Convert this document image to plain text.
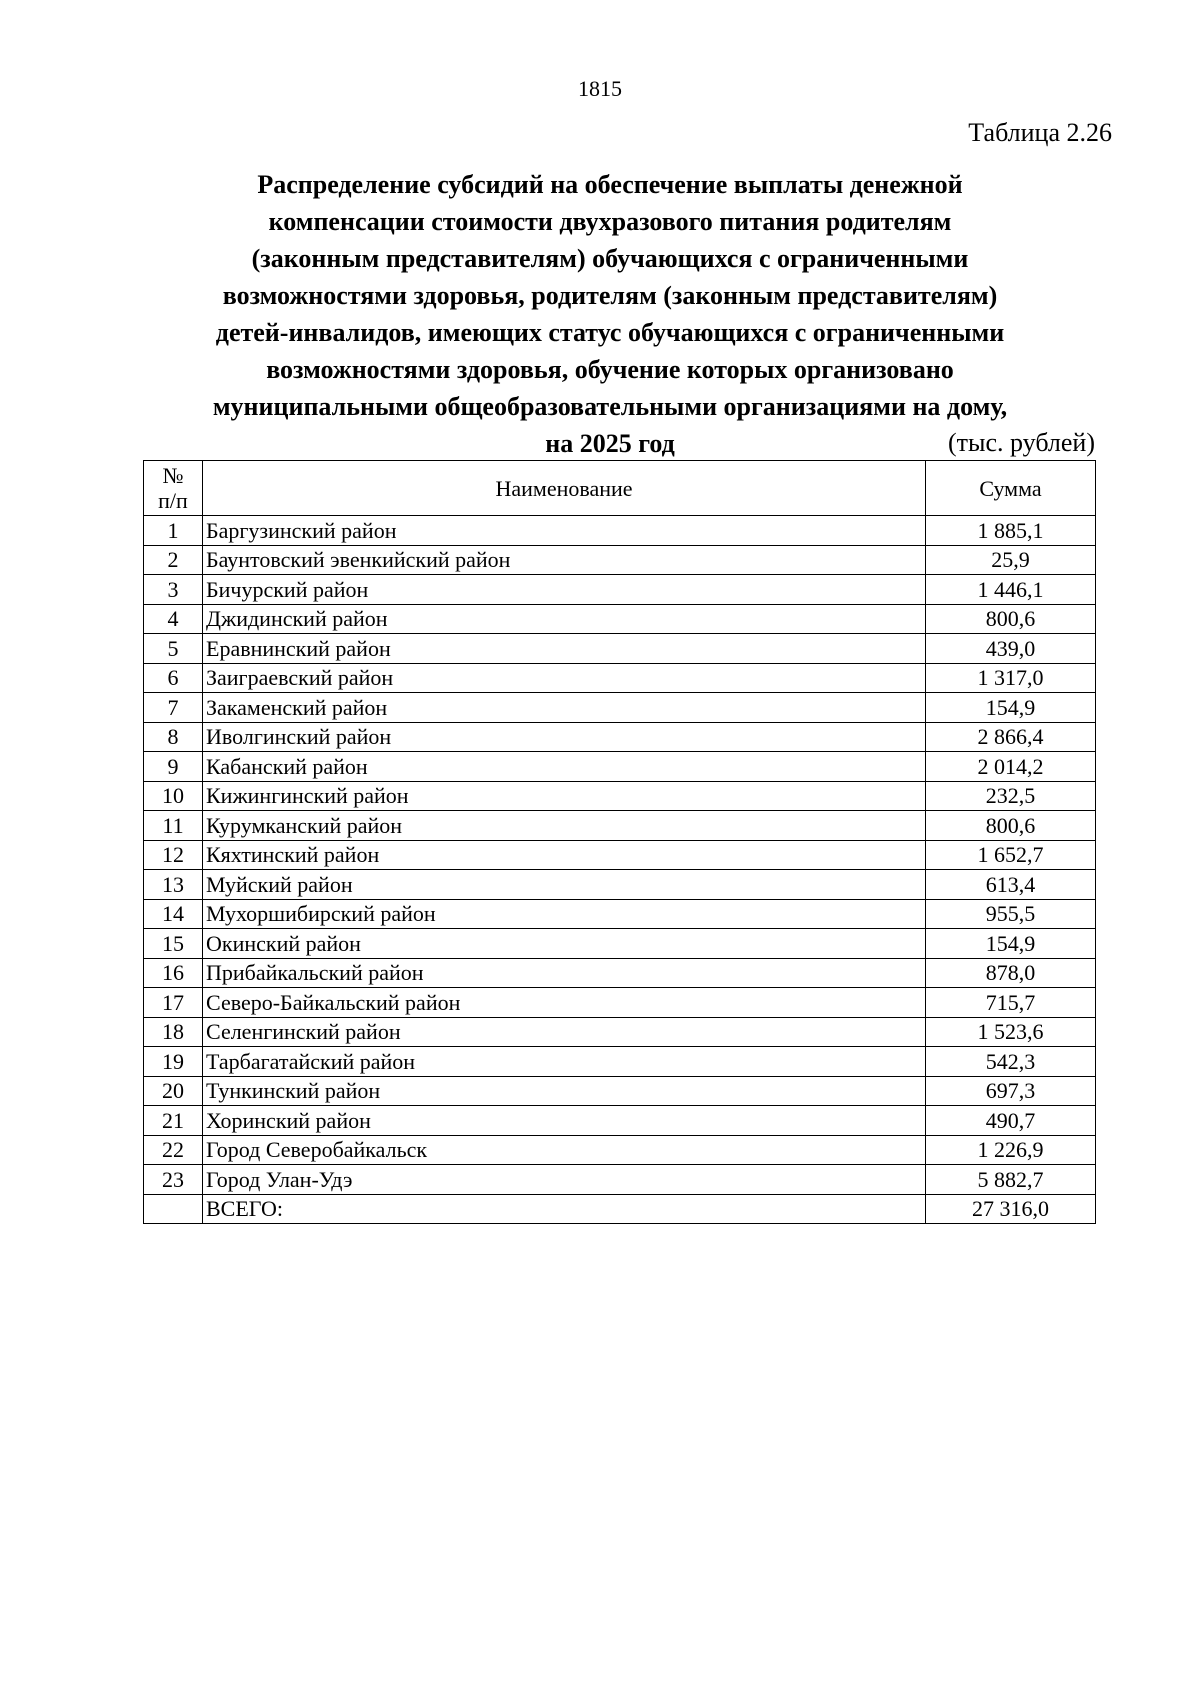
1815
Таблица 2.26
Распределение субсидий на обеспечение выплаты денежной
компенсации стоимости двухразового питания родителям
(законным представителям) обучающихся с ограниченными
возможностями здоровья, родителям (законным представителям)
детей-инвалидов, имеющих статус обучающихся с ограниченными
возможностями здоровья, обучение которых организовано
муниципальными общеобразовательными организациями на дому,
на 2025 год	(тыс. рублей)
№
п/п	Наименование	Сумма
1	Баргузинский район	1 885,1
2	Баунтовский эвенкийский район	25,9
3	Бичурский район	1 446,1
4	Джидинский район	800,6
5	Еравнинский район	439,0
6	Заиграевский район	1 317,0
7	Закаменский район	154,9
8	Иволгинский район	2 866,4
9	Кабанский район	2 014,2
10	Кижингинский район	232,5
11	Курумканский район	800,6
12	Кяхтинский район	1 652,7
13	Муйский район	613,4
14	Мухоршибирский район	955,5
15	Окинский район	154,9
16	Прибайкальский район	878,0
17	Северо-Байкальский район	715,7
18	Селенгинский район	1 523,6
19	Тарбагатайский район	542,3
20	Тункинский район	697,3
21	Хоринский район	490,7
22	Город Северобайкальск	1 226,9
23	Город Улан-Удэ	5 882,7
	ВСЕГО:	27 316,0
